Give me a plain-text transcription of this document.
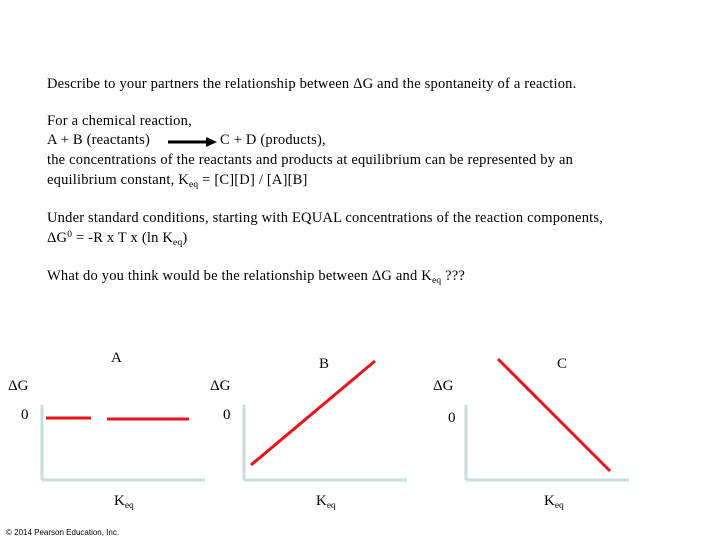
Describe to your partners the relationship between ΔG and the spontaneity of a reaction.
For a chemical reaction,
A + B (reactants) → C + D (products),
the concentrations of the reactants and products at equilibrium can be represented by an
equilibrium constant, $K_{eq} = [C][D] / [A][B]$
Under standard conditions, starting with EQUAL concentrations of the reaction components,
$\Delta G^0 = -R$ x T x (ln $K_{eq}$)
What do you think would be the relationship between ΔG and $K_{eq}$ ???
A
ΔG
0
$K_{eq}$
B
ΔG
0
$K_{eq}$
C
ΔG
0
$K_{eq}$
© 2014 Pearson Education, Inc.
